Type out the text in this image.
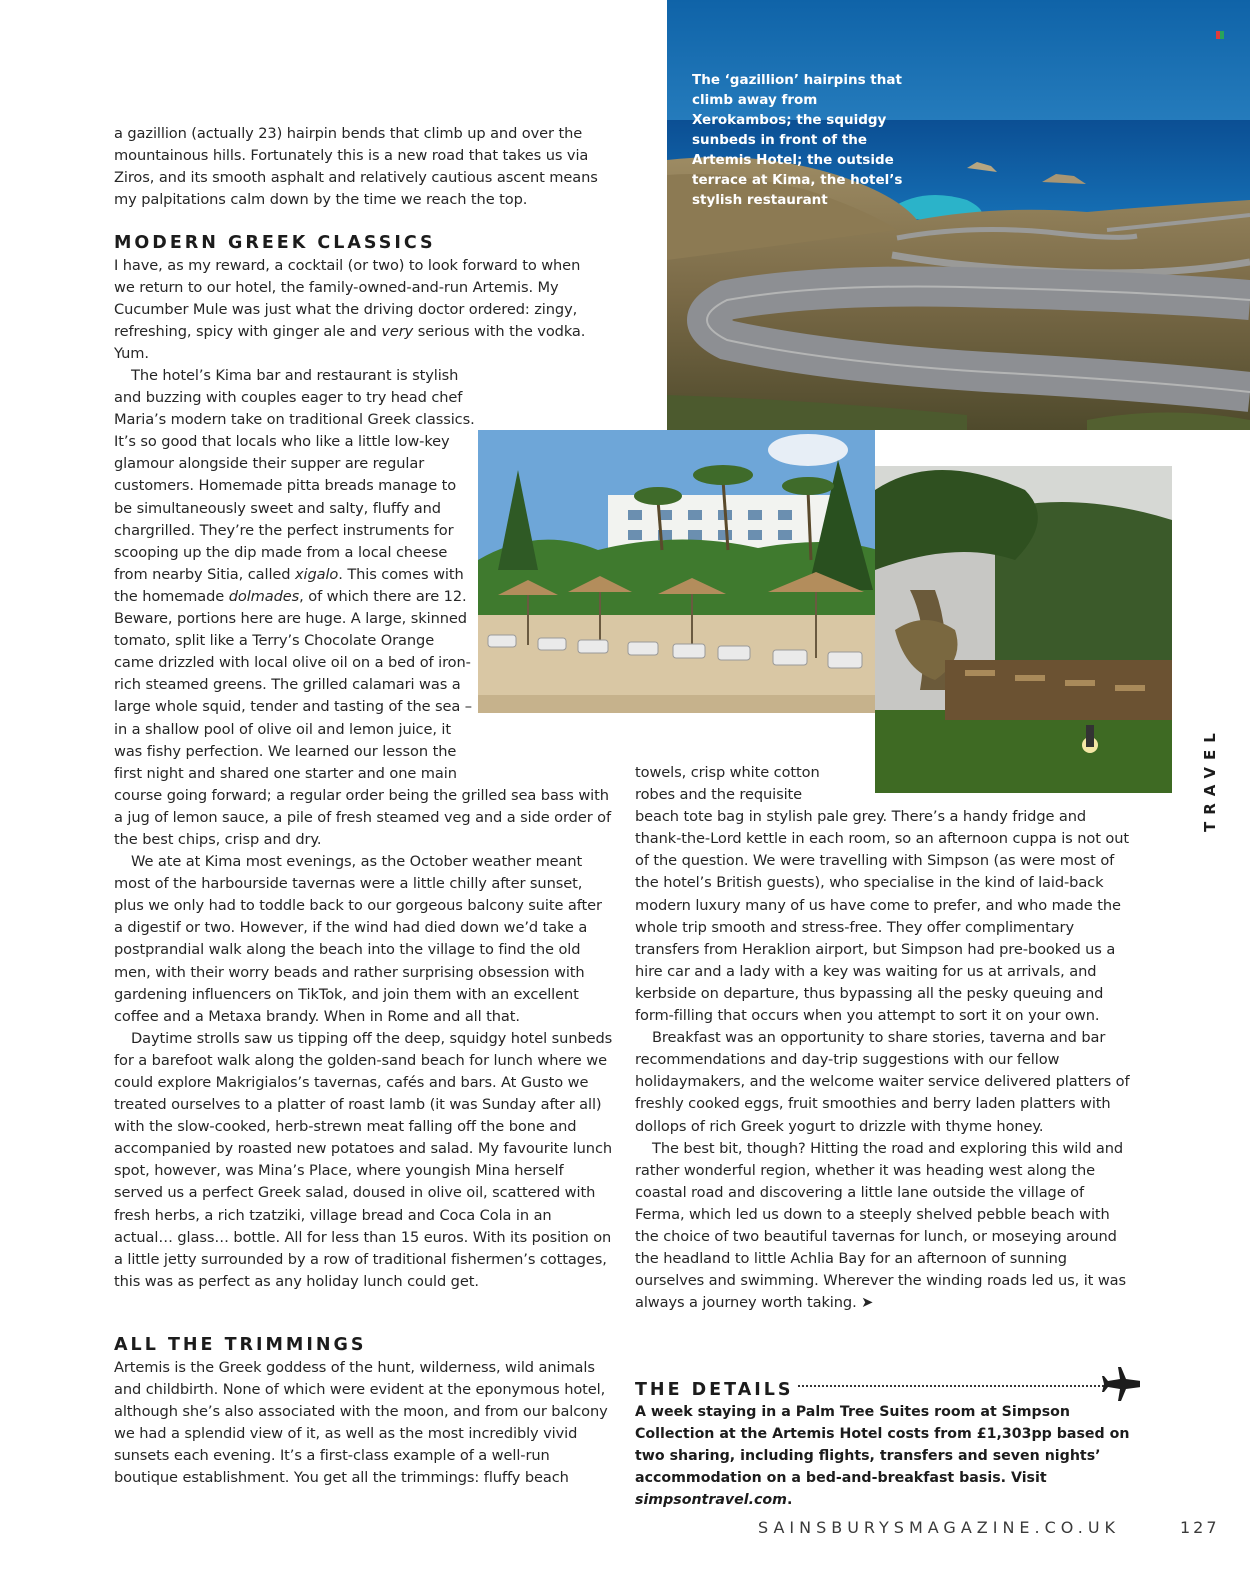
The ‘gazillion’ hairpins that climb away from Xerokambos; the squidgy sunbeds in front of the Artemis Hotel; the outside terrace at Kima, the hotel’s stylish restaurant

a gazillion (actually 23) hairpin bends that climb up and over the mountainous hills. Fortunately this is a new road that takes us via Ziros, and its smooth asphalt and relatively cautious ascent means my palpitations calm down by the time we reach the top.

MODERN GREEK CLASSICS

I have, as my reward, a cocktail (or two) to look forward to when we return to our hotel, the family-owned-and-run Artemis. My Cucumber Mule was just what the driving doctor ordered: zingy, refreshing, spicy with ginger ale and very serious with the vodka. Yum.

The hotel’s Kima bar and restaurant is stylish and buzzing with couples eager to try head chef Maria’s modern take on traditional Greek classics. It’s so good that locals who like a little low-key glamour alongside their supper are regular customers. Homemade pitta breads manage to be simultaneously sweet and salty, fluffy and chargrilled. They’re the perfect instruments for scooping up the dip made from a local cheese from nearby Sitia, called xigalo. This comes with the homemade dolmades, of which there are 12. Beware, portions here are huge. A large, skinned tomato, split like a Terry’s Chocolate Orange came drizzled with local olive oil on a bed of iron-rich steamed greens. The grilled calamari was a large whole squid, tender and tasting of the sea – in a shallow pool of olive oil and lemon juice, it was fishy perfection. We learned our lesson the first night and shared one starter and one main course going forward; a regular order being the grilled sea bass with a jug of lemon sauce, a pile of fresh steamed veg and a side order of the best chips, crisp and dry.

We ate at Kima most evenings, as the October weather meant most of the harbourside tavernas were a little chilly after sunset, plus we only had to toddle back to our gorgeous balcony suite after a digestif or two. However, if the wind had died down we’d take a postprandial walk along the beach into the village to find the old men, with their worry beads and rather surprising obsession with gardening influencers on TikTok, and join them with an excellent coffee and a Metaxa brandy. When in Rome and all that.

Daytime strolls saw us tipping off the deep, squidgy hotel sunbeds for a barefoot walk along the golden-sand beach for lunch where we could explore Makrigialos’s tavernas, cafés and bars. At Gusto we treated ourselves to a platter of roast lamb (it was Sunday after all) with the slow-cooked, herb-strewn meat falling off the bone and accompanied by roasted new potatoes and salad. My favourite lunch spot, however, was Mina’s Place, where youngish Mina herself served us a perfect Greek salad, doused in olive oil, scattered with fresh herbs, a rich tzatziki, village bread and Coca Cola in an actual… glass… bottle. All for less than 15 euros. With its position on a little jetty surrounded by a row of traditional fishermen’s cottages, this was as perfect as any holiday lunch could get.

ALL THE TRIMMINGS

Artemis is the Greek goddess of the hunt, wilderness, wild animals and childbirth. None of which were evident at the eponymous hotel, although she’s also associated with the moon, and from our balcony we had a splendid view of it, as well as the most incredibly vivid sunsets each evening. It’s a first-class example of a well-run boutique establishment. You get all the trimmings: fluffy beach

towels, crisp white cotton robes and the requisite beach tote bag in stylish pale grey. There’s a handy fridge and thank-the-Lord kettle in each room, so an afternoon cuppa is not out of the question. We were travelling with Simpson (as were most of the hotel’s British guests), who specialise in the kind of laid-back modern luxury many of us have come to prefer, and who made the whole trip smooth and stress-free. They offer complimentary transfers from Heraklion airport, but Simpson had pre-booked us a hire car and a lady with a key was waiting for us at arrivals, and kerbside on departure, thus bypassing all the pesky queuing and form-filling that occurs when you attempt to sort it on your own.

Breakfast was an opportunity to share stories, taverna and bar recommendations and day-trip suggestions with our fellow holidaymakers, and the welcome waiter service delivered platters of freshly cooked eggs, fruit smoothies and berry laden platters with dollops of rich Greek yogurt to drizzle with thyme honey.

The best bit, though? Hitting the road and exploring this wild and rather wonderful region, whether it was heading west along the coastal road and discovering a little lane outside the village of Ferma, which led us down to a steeply shelved pebble beach with the choice of two beautiful tavernas for lunch, or moseying around the headland to little Achlia Bay for an afternoon of sunning ourselves and swimming. Wherever the winding roads led us, it was always a journey worth taking. ➤

THE DETAILS
A week staying in a Palm Tree Suites room at Simpson Collection at the Artemis Hotel costs from £1,303pp based on two sharing, including flights, transfers and seven nights’ accommodation on a bed-and-breakfast basis. Visit simpsontravel.com.
TRAVEL
SAINSBURYSMAGAZINE.CO.UK	127
